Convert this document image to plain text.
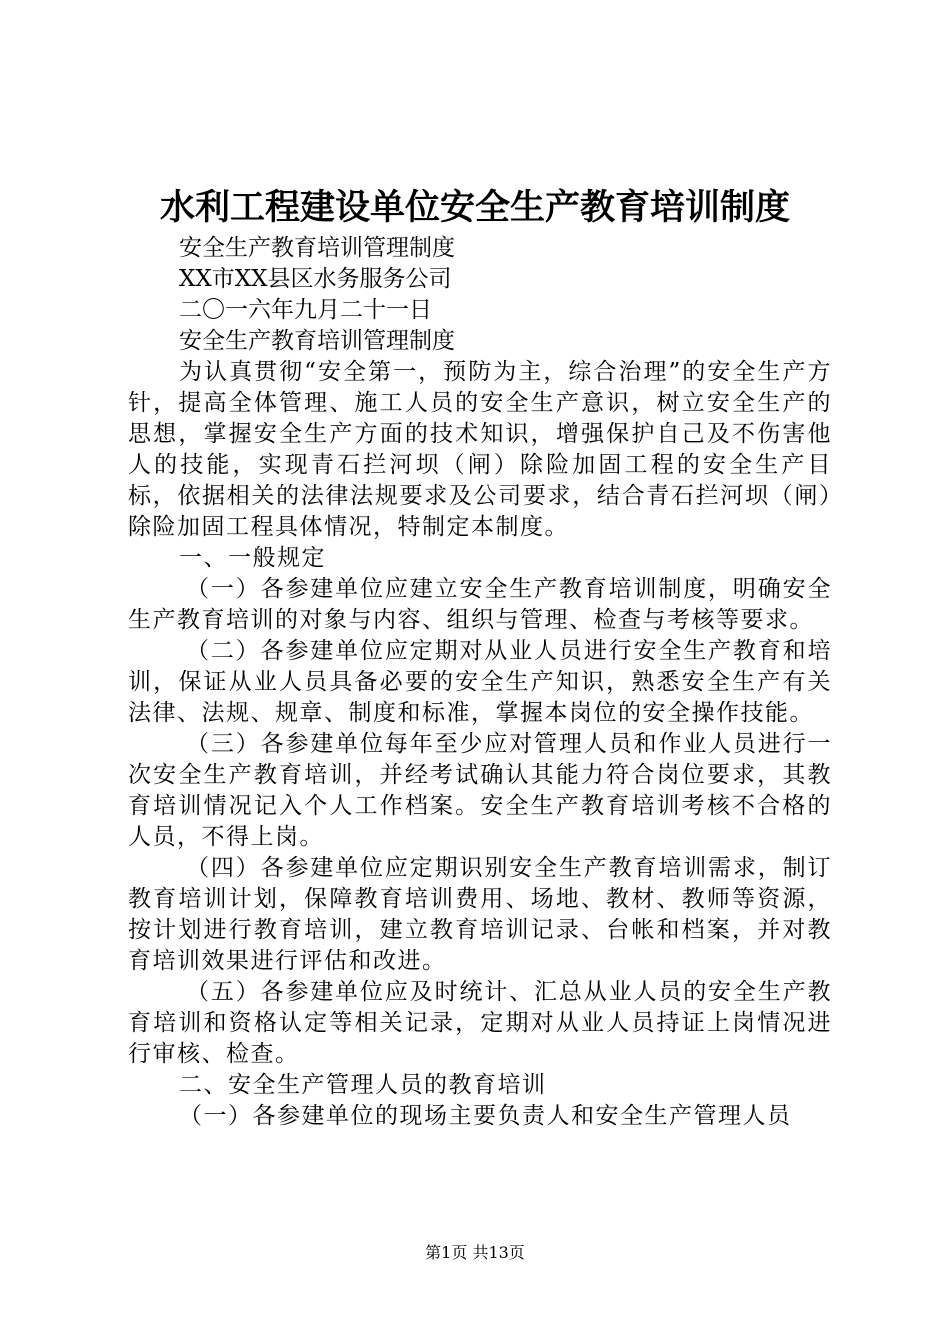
水利工程建设单位安全生产教育培训制度
安全生产教育培训管理制度
XX市XX县区水务服务公司
二〇一六年九月二十一日
安全生产教育培训管理制度

为认真贯彻“安全第一，预防为主，综合治理”的安全生产方针，提高全体管理、施工人员的安全生产意识，树立安全生产的思想，掌握安全生产方面的技术知识，增强保护自己及不伤害他人的技能，实现青石拦河坝（闸）除险加固工程的安全生产目标，依据相关的法律法规要求及公司要求，结合青石拦河坝（闸）除险加固工程具体情况，特制定本制度。

一、一般规定

（一）各参建单位应建立安全生产教育培训制度，明确安全生产教育培训的对象与内容、组织与管理、检查与考核等要求。

（二）各参建单位应定期对从业人员进行安全生产教育和培训，保证从业人员具备必要的安全生产知识，熟悉安全生产有关法律、法规、规章、制度和标准，掌握本岗位的安全操作技能。

（三）各参建单位每年至少应对管理人员和作业人员进行一次安全生产教育培训，并经考试确认其能力符合岗位要求，其教育培训情况记入个人工作档案。安全生产教育培训考核不合格的人员，不得上岗。

（四）各参建单位应定期识别安全生产教育培训需求，制订教育培训计划，保障教育培训费用、场地、教材、教师等资源，按计划进行教育培训，建立教育培训记录、台帐和档案，并对教育培训效果进行评估和改进。

（五）各参建单位应及时统计、汇总从业人员的安全生产教育培训和资格认定等相关记录，定期对从业人员持证上岗情况进行审核、检查。

二、安全生产管理人员的教育培训

（一）各参建单位的现场主要负责人和安全生产管理人员

第1页 共13页
